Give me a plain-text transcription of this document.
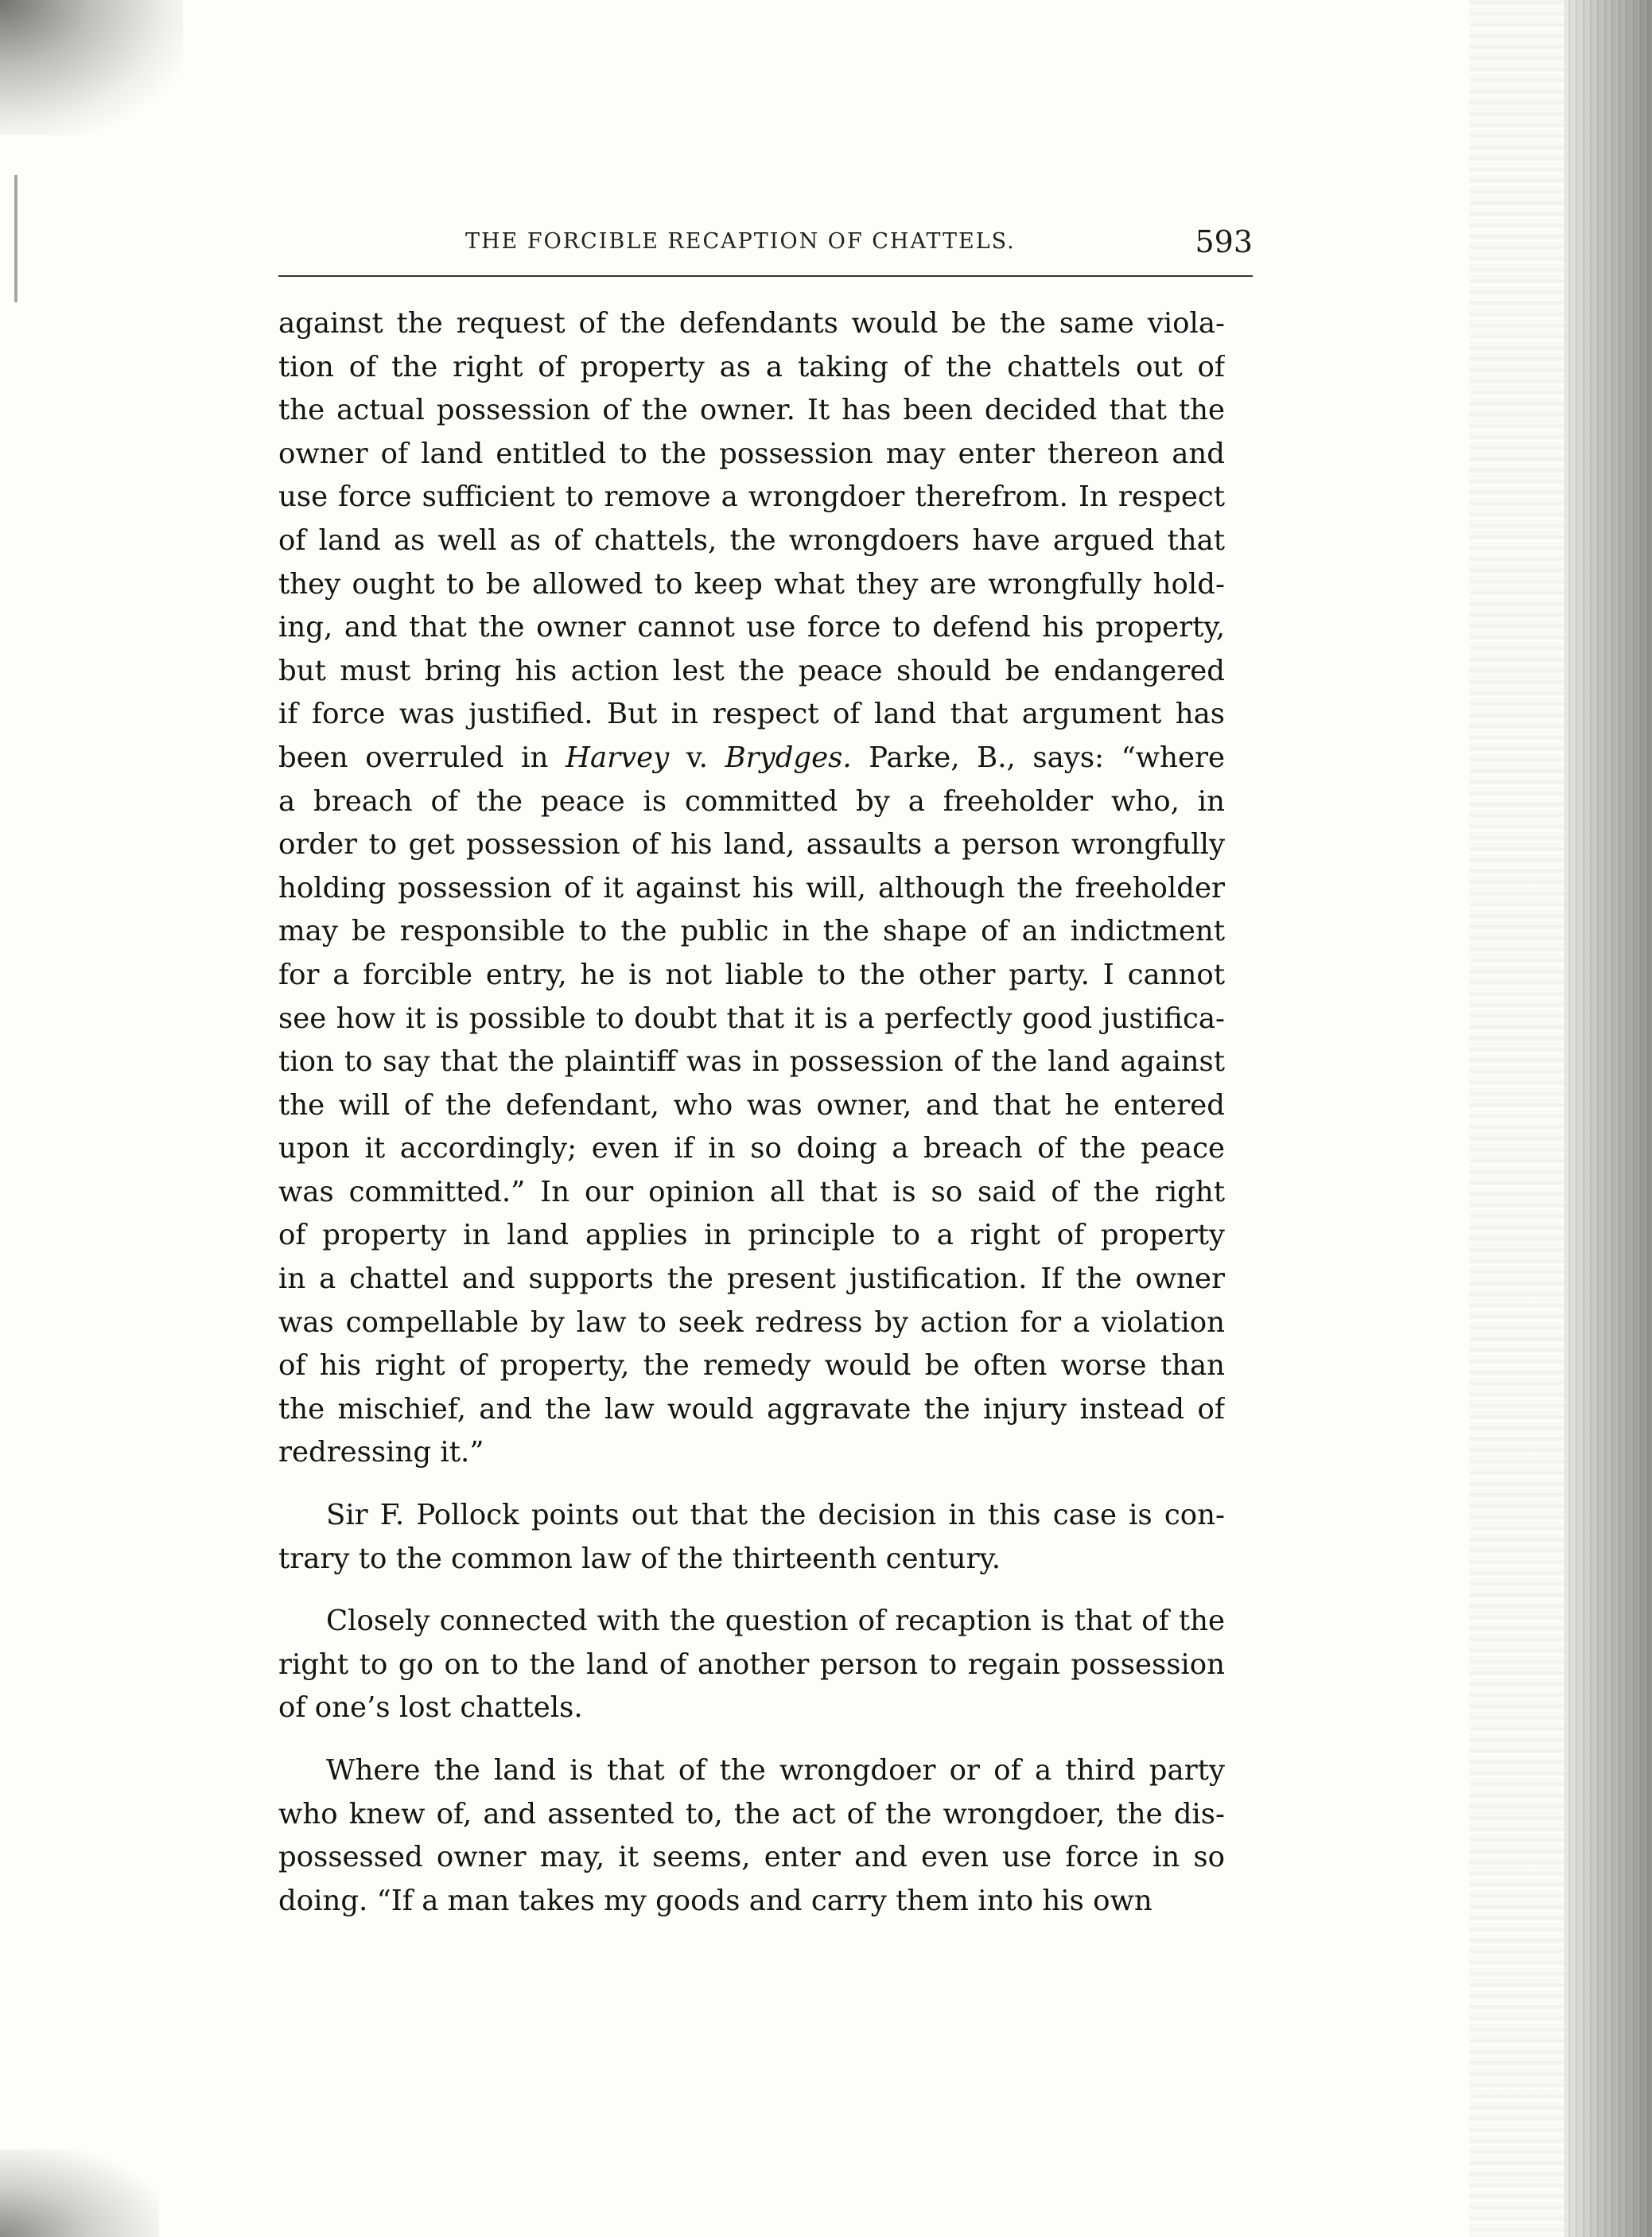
THE FORCIBLE RECAPTION OF CHATTELS.	593

against the request of the defendants would be the same viola-
tion of the right of property as a taking of the chattels out of
the actual possession of the owner. It has been decided that the
owner of land entitled to the possession may enter thereon and
use force sufficient to remove a wrongdoer therefrom. In respect
of land as well as of chattels, the wrongdoers have argued that
they ought to be allowed to keep what they are wrongfully hold-
ing, and that the owner cannot use force to defend his property,
but must bring his action lest the peace should be endangered
if force was justified. But in respect of land that argument has
been overruled in Harvey v. Brydges. Parke, B., says: “where
a breach of the peace is committed by a freeholder who, in
order to get possession of his land, assaults a person wrongfully
holding possession of it against his will, although the freeholder
may be responsible to the public in the shape of an indictment
for a forcible entry, he is not liable to the other party. I cannot
see how it is possible to doubt that it is a perfectly good justifica-
tion to say that the plaintiff was in possession of the land against
the will of the defendant, who was owner, and that he entered
upon it accordingly; even if in so doing a breach of the peace
was committed.” In our opinion all that is so said of the right
of property in land applies in principle to a right of property
in a chattel and supports the present justification. If the owner
was compellable by law to seek redress by action for a violation
of his right of property, the remedy would be often worse than
the mischief, and the law would aggravate the injury instead of
redressing it.”

Sir F. Pollock points out that the decision in this case is con-
trary to the common law of the thirteenth century.

Closely connected with the question of recaption is that of the
right to go on to the land of another person to regain possession
of one’s lost chattels.

Where the land is that of the wrongdoer or of a third party
who knew of, and assented to, the act of the wrongdoer, the dis-
possessed owner may, it seems, enter and even use force in so
doing. “If a man takes my goods and carry them into his own
